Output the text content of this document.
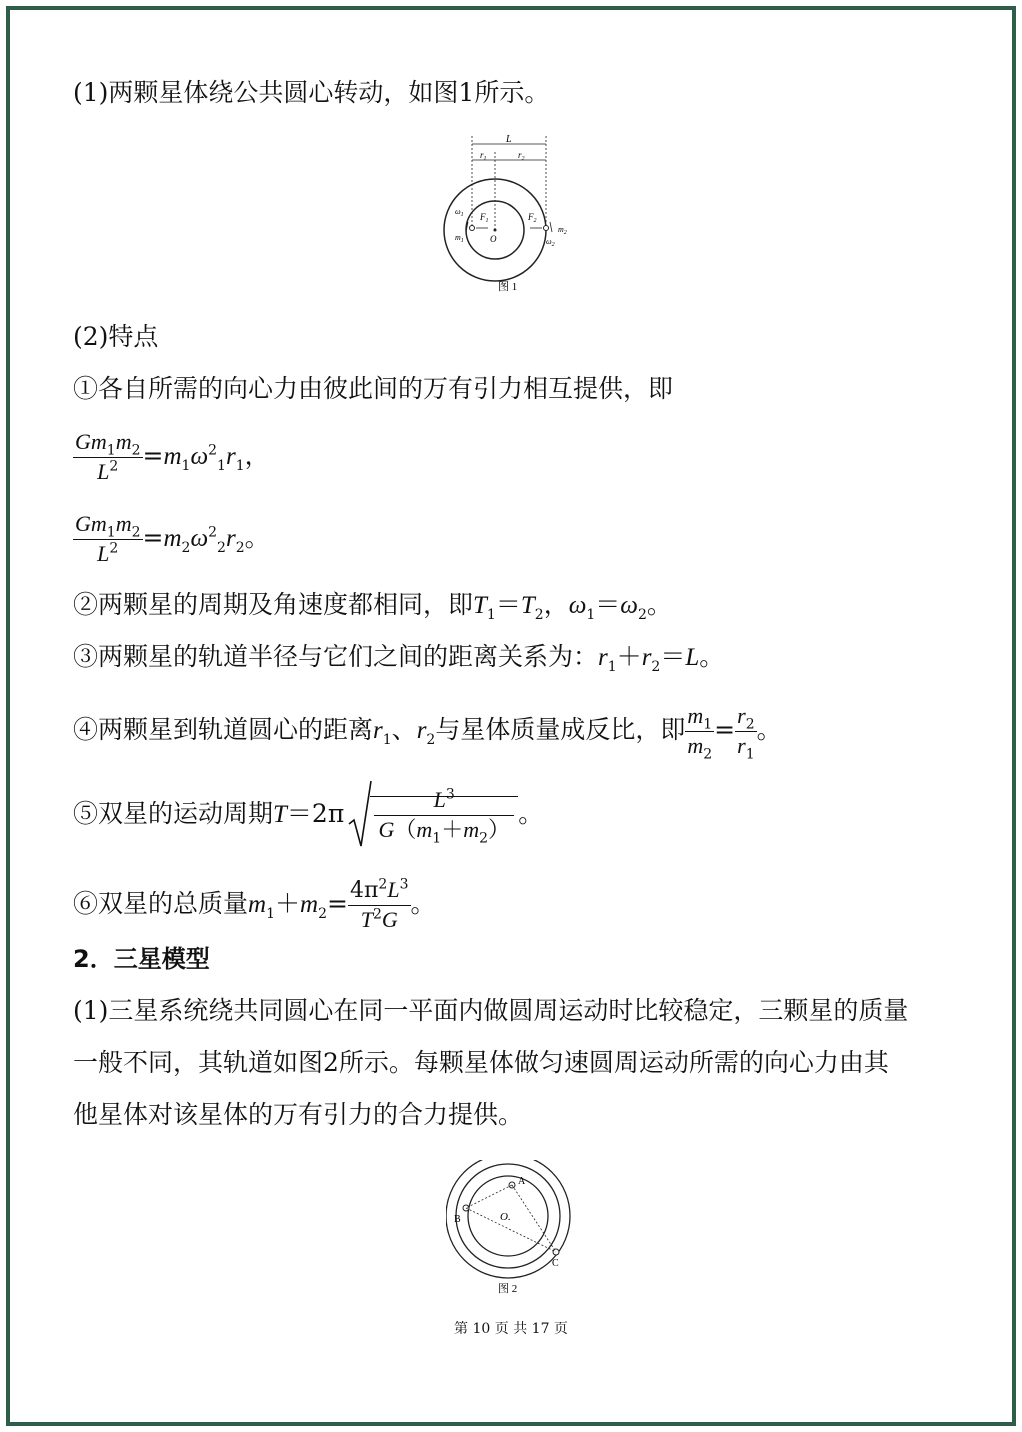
(1)两颗星体绕公共圆心转动，如图1所示。
L
$r_1$	$r_2$
$F_1$	$F_2$
O
$\omega_1$
$m_1$
$m_2$
$\omega_2$
图 1
(2)特点
①各自所需的向心力由彼此间的万有引力相互提供，即
$\frac{Gm_1m_2}{L^2} =m_1\omega^2_1r_1$，
$\frac{Gm_1m_2}{L^2} =m_2\omega^2_2r_2$。
②两颗星的周期及角速度都相同，即$T_1=T_2$，$\omega_1=\omega_2$。
③两颗星的轨道半径与它们之间的距离关系为：$r_1+r_2=L$。
④两颗星到轨道圆心的距离$r_1$、$r_2$与星体质量成反比，即 $\frac{m_1}{m_2} = \frac{r_2}{r_1}$ 。
⑤双星的运动周期$T=2\pi \frac{L^3}{G(m_1+m_2)}$ 。
⑥双星的总质量$m_1+m_2= \frac{4\pi^2L^3}{T^2G}$ 。
2．三星模型
(1)三星系统绕共同圆心在同一平面内做圆周运动时比较稳定，三颗星的质量
一般不同，其轨道如图2所示。每颗星体做匀速圆周运动所需的向心力由其
他星体对该星体的万有引力的合力提供。
A
B
C
O.
图 2
第 10 页 共 17 页
